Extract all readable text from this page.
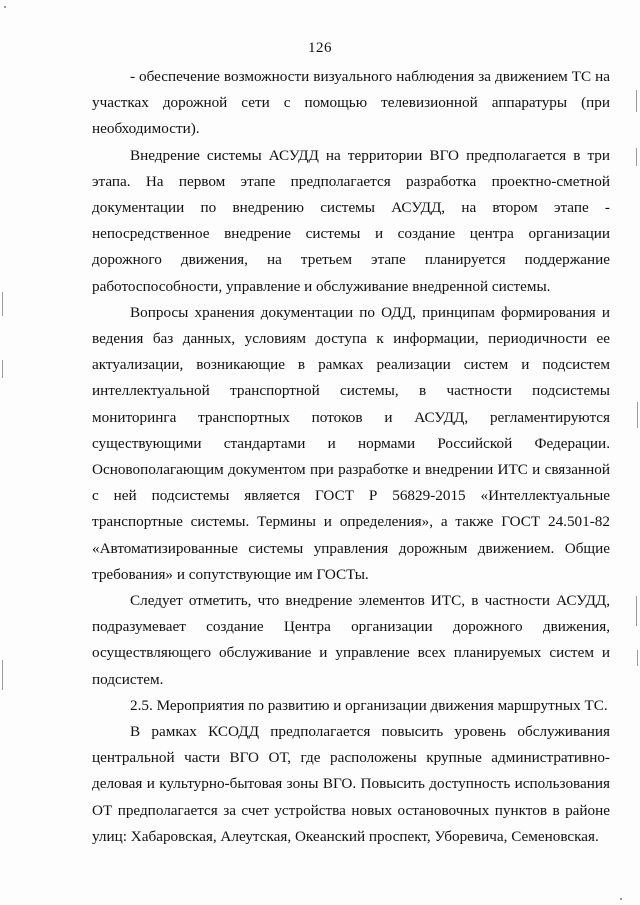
126

- обеспечение возможности визуального наблюдения за движением ТС на участках дорожной сети с помощью телевизионной аппаратуры (при необходимости).

Внедрение системы АСУДД на территории ВГО предполагается в три этапа. На первом этапе предполагается разработка проектно-сметной документации по внедрению системы АСУДД, на втором этапе - непосредственное внедрение системы и создание центра организации дорожного движения, на третьем этапе планируется поддержание работоспособности, управление и обслуживание внедренной системы.

Вопросы хранения документации по ОДД, принципам формирования и ведения баз данных, условиям доступа к информации, периодичности ее актуализации, возникающие в рамках реализации систем и подсистем интеллектуальной транспортной системы, в частности подсистемы мониторинга транспортных потоков и АСУДД, регламентируются существующими стандартами и нормами Российской Федерации. Основополагающим документом при разработке и внедрении ИТС и связанной с ней подсистемы является ГОСТ Р 56829-2015 «Интеллектуальные транспортные системы. Термины и определения», а также ГОСТ 24.501-82 «Автоматизированные системы управления дорожным движением. Общие требования» и сопутствующие им ГОСТы.

Следует отметить, что внедрение элементов ИТС, в частности АСУДД, подразумевает создание Центра организации дорожного движения, осуществляющего обслуживание и управление всех планируемых систем и подсистем.

2.5. Мероприятия по развитию и организации движения маршрутных ТС.

В рамках КСОДД предполагается повысить уровень обслуживания центральной части ВГО ОТ, где расположены крупные административно-деловая и культурно-бытовая зоны ВГО. Повысить доступность использования ОТ предполагается за счет устройства новых остановочных пунктов в районе улиц: Хабаровская, Алеутская, Океанский проспект, Уборевича, Семеновская.
